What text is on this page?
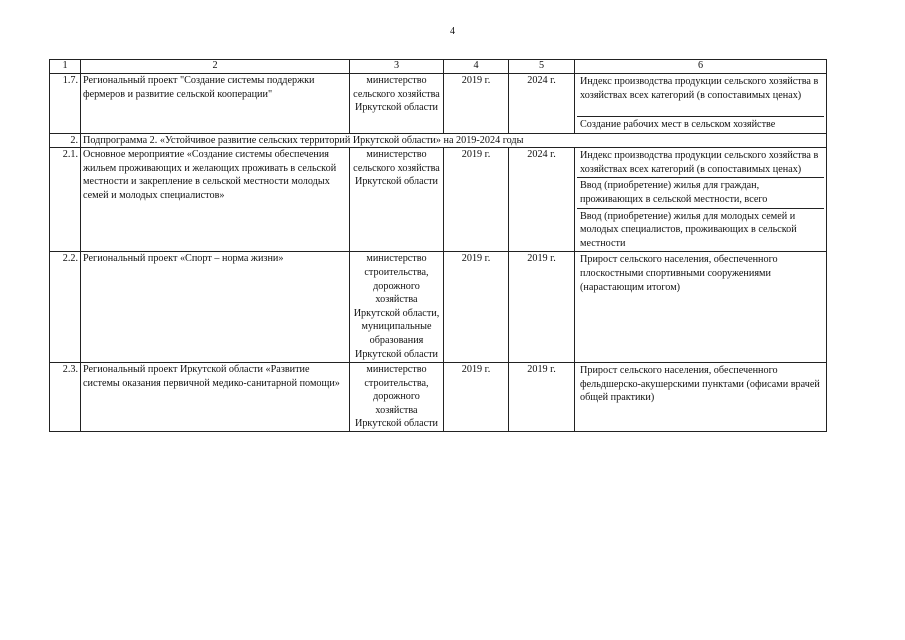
4
1	2	3	4	5	6
1.7.	Региональный проект "Создание системы поддержки фермеров и развитие сельской кооперации"	министерство сельского хозяйства Иркутской области	2019 г.	2024 г.	Индекс производства продукции сельского хозяйства в хозяйствах всех категорий (в сопоставимых ценах)
Создание рабочих мест в сельском хозяйстве

2.	Подпрограмма 2. «Устойчивое развитие сельских территорий Иркутской области» на 2019-2024 годы				
2.1.	Основное мероприятие «Создание системы обеспечения жильем проживающих и желающих проживать в сельской местности и закрепление в сельской местности молодых семей и молодых специалистов»	министерство сельского хозяйства Иркутской области	2019 г.	2024 г.	Индекс производства продукции сельского хозяйства в хозяйствах всех категорий (в сопоставимых ценах)
Ввод (приобретение) жилья для граждан, проживающих в сельской местности, всего
Ввод (приобретение) жилья для молодых семей и молодых специалистов, проживающих в сельской местности

2.2.	Региональный проект «Спорт – норма жизни»	министерство строительства, дорожного хозяйства Иркутской области, муниципальные образования Иркутской области	2019 г.	2019 г.	Прирост сельского населения, обеспеченного плоскостными спортивными сооружениями (нарастающим итогом)

2.3.	Региональный проект Иркутской области «Развитие системы оказания первичной медико-санитарной помощи»	министерство строительства, дорожного хозяйства Иркутской области	2019 г.	2019 г.	Прирост сельского населения, обеспеченного фельдшерско-акушерскими пунктами (офисами врачей общей практики)
